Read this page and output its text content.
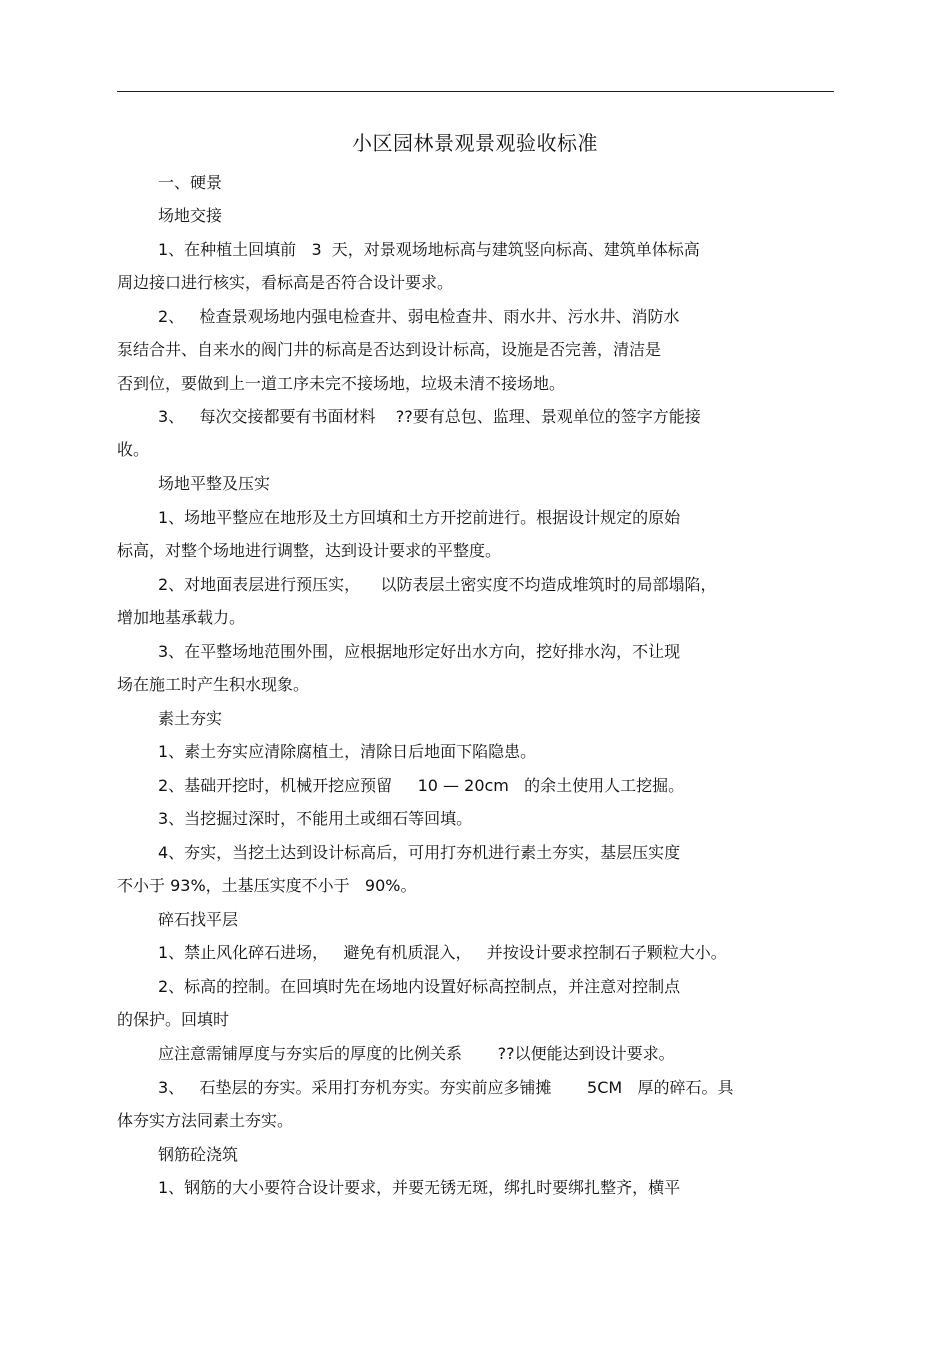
小区园林景观景观验收标准
一、硬景
场地交接
1、在种植土回填前   3  天，对景观场地标高与建筑竖向标高、建筑单体标高
周边接口进行核实，看标高是否符合设计要求。
2、   检查景观场地内强电检查井、弱电检查井、雨水井、污水井、消防水
泵结合井、自来水的阀门井的标高是否达到设计标高，设施是否完善，清洁是
否到位，要做到上一道工序未完不接场地，垃圾未清不接场地。
3、   每次交接都要有书面材料    ??要有总包、监理、景观单位的签字方能接
收。
场地平整及压实
1、场地平整应在地形及土方回填和土方开挖前进行。根据设计规定的原始
标高，对整个场地进行调整，达到设计要求的平整度。
2、对地面表层进行预压实，    以防表层土密实度不均造成堆筑时的局部塌陷，
增加地基承载力。
3、在平整场地范围外围，应根据地形定好出水方向，挖好排水沟，不让现
场在施工时产生积水现象。
素土夯实
1、素土夯实应清除腐植土，清除日后地面下陷隐患。
2、基础开挖时，机械开挖应预留     10 — 20cm   的余土使用人工挖掘。
3、当挖掘过深时，不能用土或细石等回填。
4、夯实，当挖土达到设计标高后，可用打夯机进行素土夯实，基层压实度
不小于 93%，土基压实度不小于   90%。
碎石找平层
1、禁止风化碎石进场，   避免有机质混入，   并按设计要求控制石子颗粒大小。
2、标高的控制。在回填时先在场地内设置好标高控制点，并注意对控制点
的保护。回填时
应注意需铺厚度与夯实后的厚度的比例关系       ??以便能达到设计要求。
3、   石垫层的夯实。采用打夯机夯实。夯实前应多铺摊       5CM   厚的碎石。具
体夯实方法同素土夯实。
钢筋砼浇筑
1、钢筋的大小要符合设计要求，并要无锈无斑，绑扎时要绑扎整齐，横平
